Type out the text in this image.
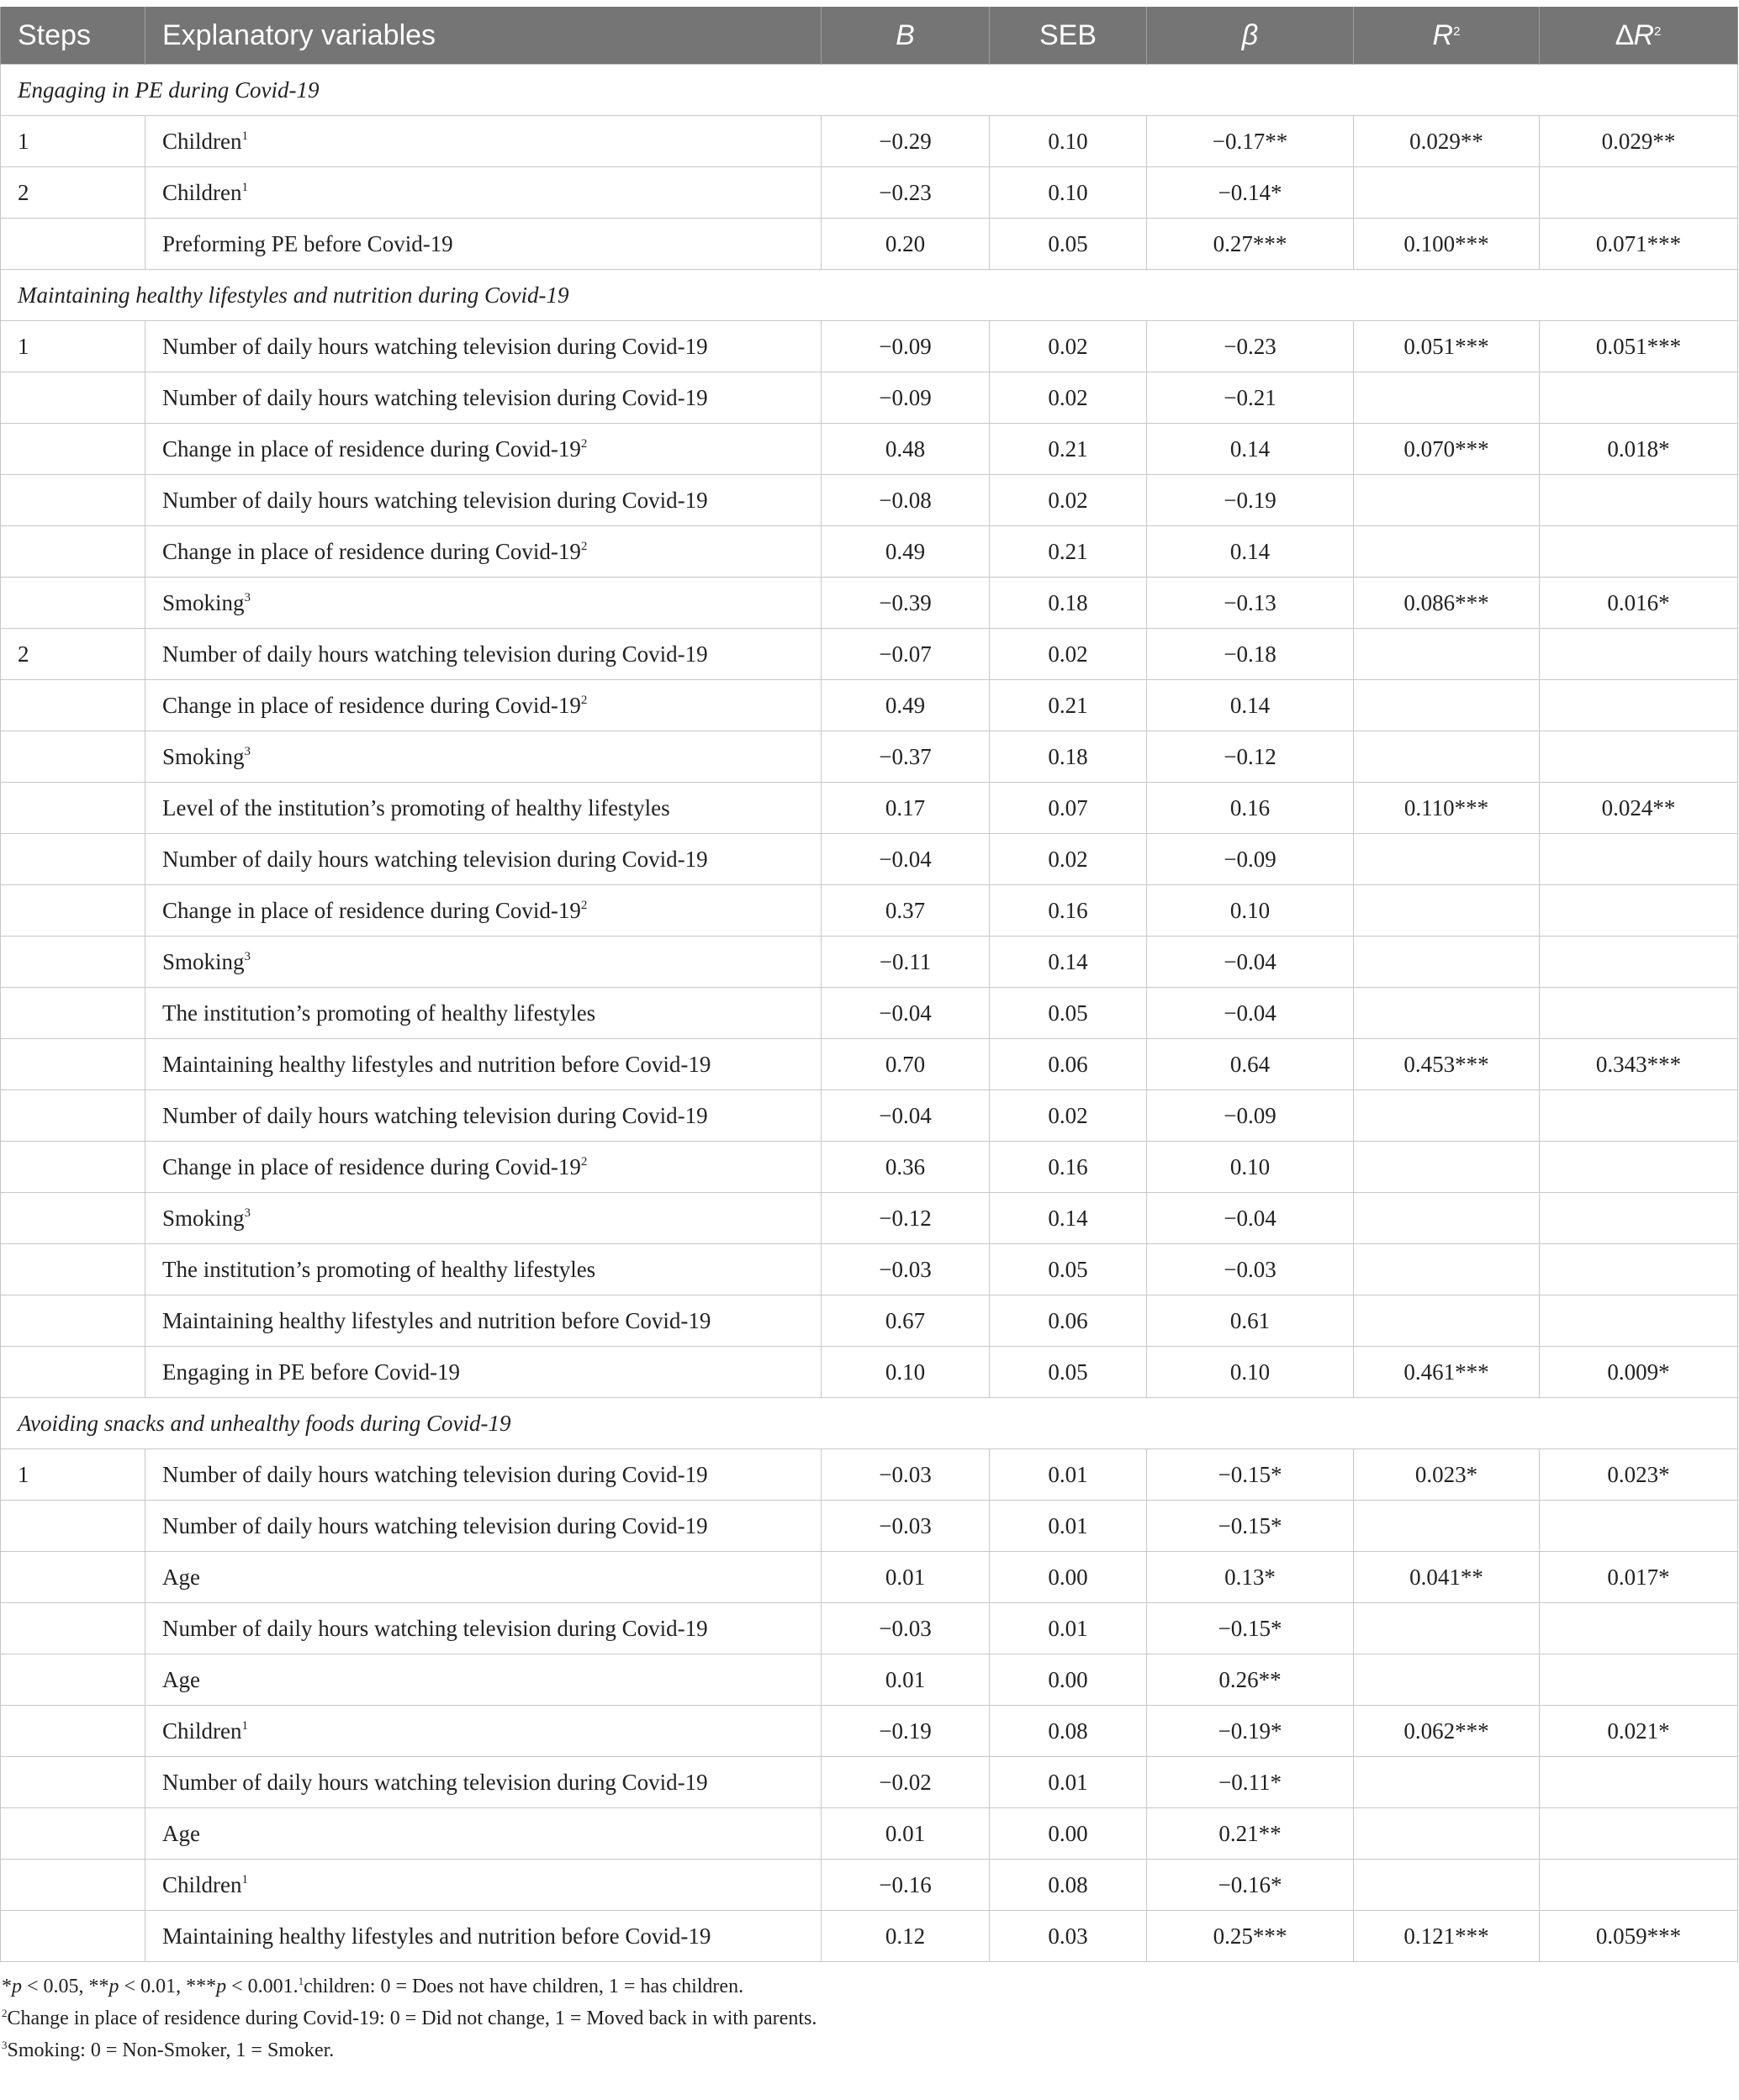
Steps	Explanatory variables	B	SEB	β	$R^2$	$\Delta R^2$
Engaging in PE during Covid-19						
1	Children$^1$	−0.29	0.10	−0.17**	0.029**	0.029**
2	Children$^1$	−0.23	0.10	−0.14*		
	Preforming PE before Covid-19	0.20	0.05	0.27***	0.100***	0.071***
Maintaining healthy lifestyles and nutrition during Covid-19						
1	Number of daily hours watching television during Covid-19	−0.09	0.02	−0.23	0.051***	0.051***
	Number of daily hours watching television during Covid-19	−0.09	0.02	−0.21		
	Change in place of residence during Covid-$19^2$	0.48	0.21	0.14	0.070***	0.018*
	Number of daily hours watching television during Covid-19	−0.08	0.02	−0.19		
	Change in place of residence during Covid-$19^2$	0.49	0.21	0.14		
	Smoking$^3$	−0.39	0.18	−0.13	0.086***	0.016*
2	Number of daily hours watching television during Covid-19	−0.07	0.02	−0.18		
	Change in place of residence during Covid-$19^2$	0.49	0.21	0.14		
	Smoking$^3$	−0.37	0.18	−0.12		
	Level of the institution’s promoting of healthy lifestyles	0.17	0.07	0.16	0.110***	0.024**
	Number of daily hours watching television during Covid-19	−0.04	0.02	−0.09		
	Change in place of residence during Covid-$19^2$	0.37	0.16	0.10		
	Smoking$^3$	−0.11	0.14	−0.04		
	The institution’s promoting of healthy lifestyles	−0.04	0.05	−0.04		
	Maintaining healthy lifestyles and nutrition before Covid-19	0.70	0.06	0.64	0.453***	0.343***
	Number of daily hours watching television during Covid-19	−0.04	0.02	−0.09		
	Change in place of residence during Covid-$19^2$	0.36	0.16	0.10		
	Smoking$^3$	−0.12	0.14	−0.04		
	The institution’s promoting of healthy lifestyles	−0.03	0.05	−0.03		
	Maintaining healthy lifestyles and nutrition before Covid-19	0.67	0.06	0.61		
	Engaging in PE before Covid-19	0.10	0.05	0.10	0.461***	0.009*
Avoiding snacks and unhealthy foods during Covid-19						
1	Number of daily hours watching television during Covid-19	−0.03	0.01	−0.15*	0.023*	0.023*
	Number of daily hours watching television during Covid-19	−0.03	0.01	−0.15*		
	Age	0.01	0.00	0.13*	0.041**	0.017*
	Number of daily hours watching television during Covid-19	−0.03	0.01	−0.15*		
	Age	0.01	0.00	0.26**		
	Children$^1$	−0.19	0.08	−0.19*	0.062***	0.021*
	Number of daily hours watching television during Covid-19	−0.02	0.01	−0.11*		
	Age	0.01	0.00	0.21**		
	Children$^1$	−0.16	0.08	−0.16*		
	Maintaining healthy lifestyles and nutrition before Covid-19	0.12	0.03	0.25***	0.121***	0.059***
*p < 0.05, **p < 0.01, ***p < 0.001.$^1$children: 0 = Does not have children, 1 = has children.
$^2$Change in place of residence during Covid-19: 0 = Did not change, 1 = Moved back in with parents.
$^3$Smoking: 0 = Non-Smoker, 1 = Smoker.
